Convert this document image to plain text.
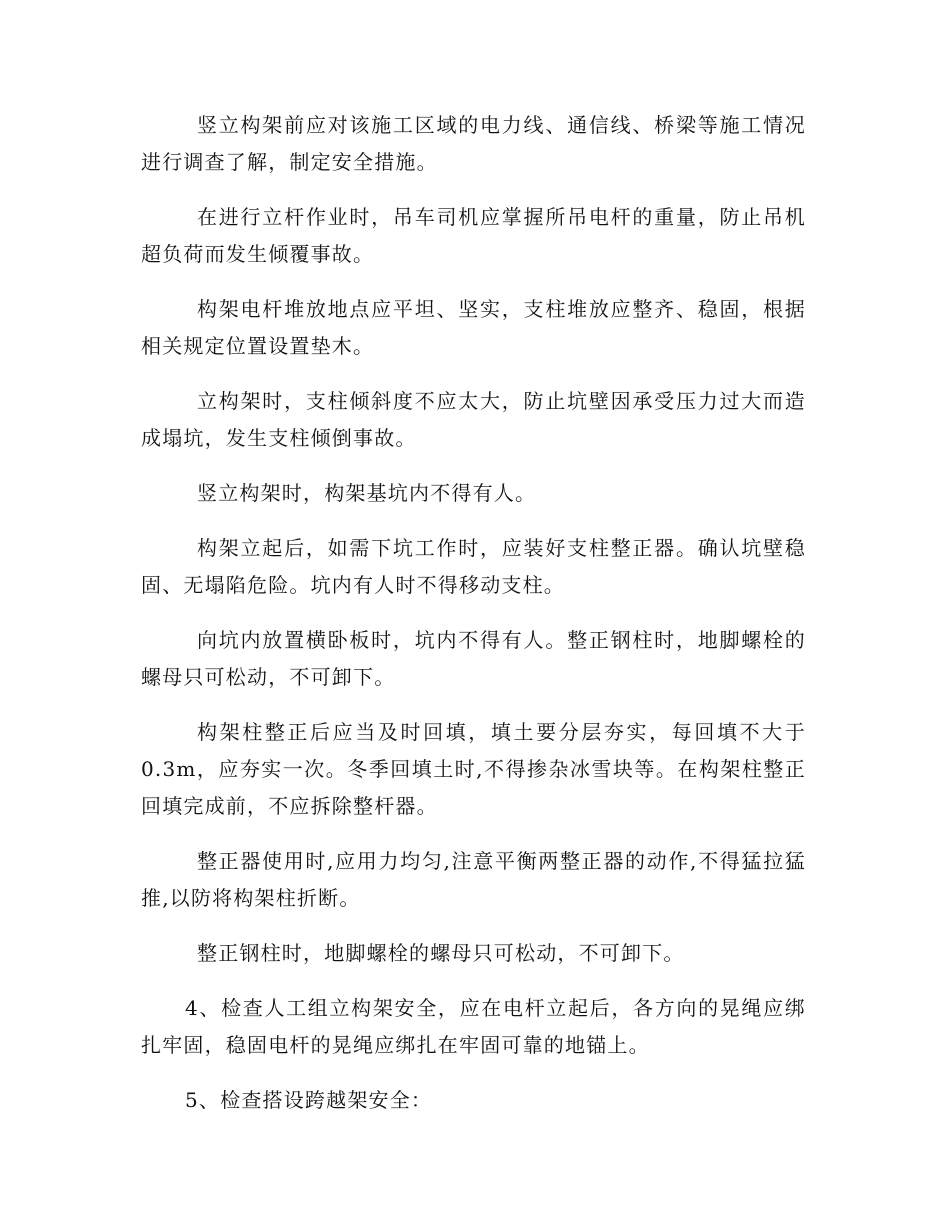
竖立构架前应对该施工区域的电力线、通信线、桥梁等施工情况进行调查了解，制定安全措施。

在进行立杆作业时，吊车司机应掌握所吊电杆的重量，防止吊机超负荷而发生倾覆事故。

构架电杆堆放地点应平坦、坚实，支柱堆放应整齐、稳固，根据相关规定位置设置垫木。

立构架时，支柱倾斜度不应太大，防止坑壁因承受压力过大而造成塌坑，发生支柱倾倒事故。

竖立构架时，构架基坑内不得有人。

构架立起后，如需下坑工作时，应装好支柱整正器。确认坑壁稳固、无塌陷危险。坑内有人时不得移动支柱。

向坑内放置横卧板时，坑内不得有人。整正钢柱时，地脚螺栓的螺母只可松动，不可卸下。

构架柱整正后应当及时回填，填土要分层夯实，每回填不大于0.3m，应夯实一次。冬季回填土时,不得掺杂冰雪块等。在构架柱整正回填完成前，不应拆除整杆器。

整正器使用时,应用力均匀,注意平衡两整正器的动作,不得猛拉猛推,以防将构架柱折断。

整正钢柱时，地脚螺栓的螺母只可松动，不可卸下。

4、检查人工组立构架安全，应在电杆立起后，各方向的晃绳应绑扎牢固，稳固电杆的晃绳应绑扎在牢固可靠的地锚上。

5、检查搭设跨越架安全：
